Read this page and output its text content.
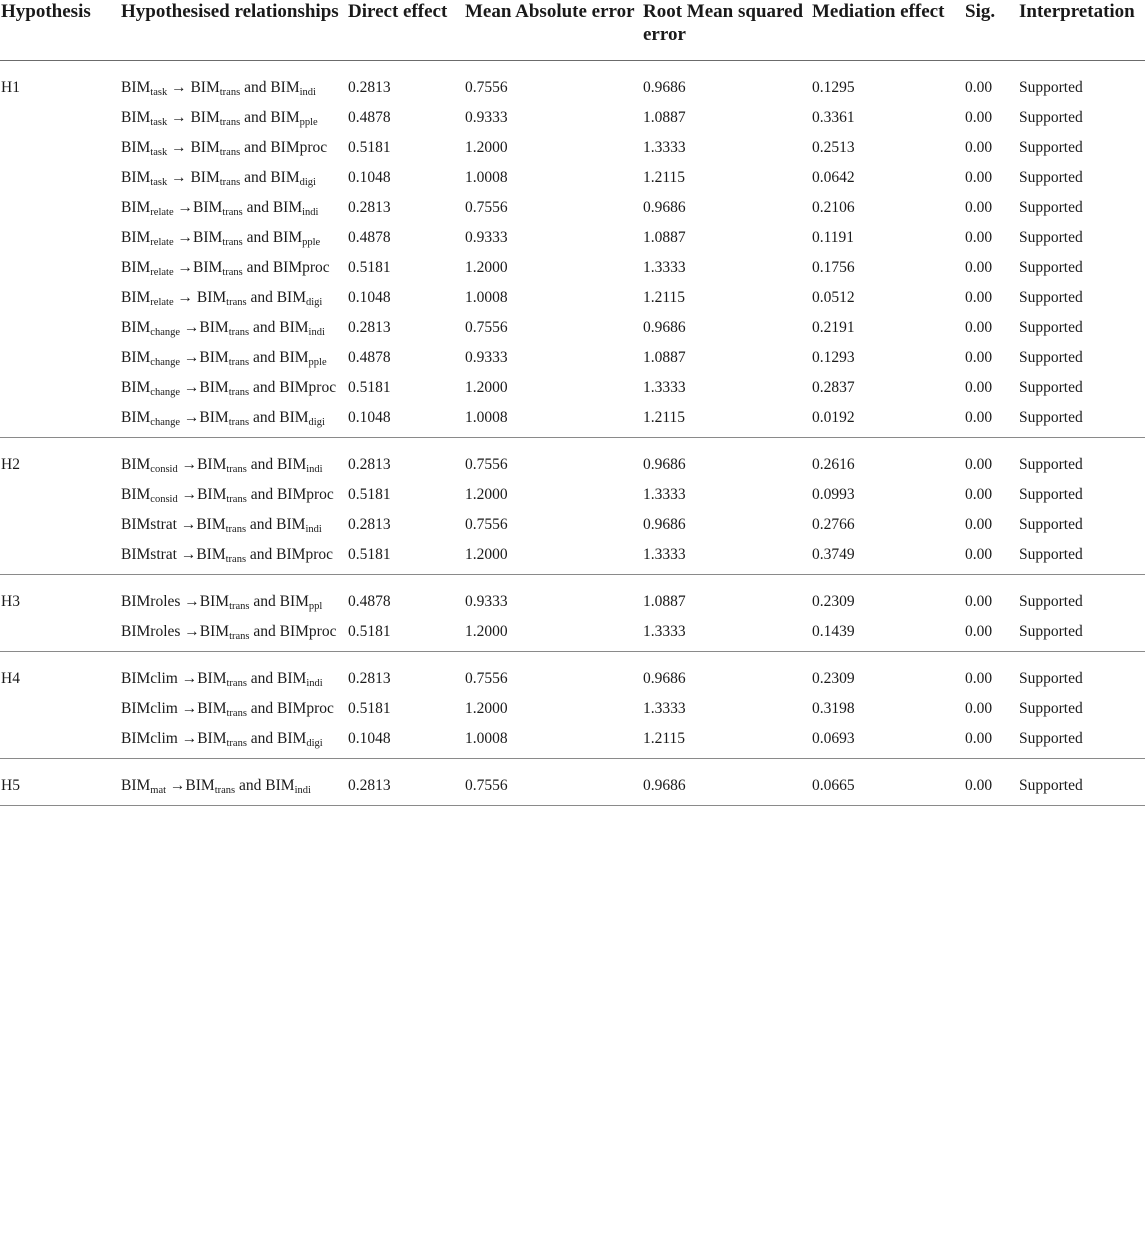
Hypothesis	Hypothesised relationships	Direct effect	Mean Absolute error	Root Mean squared error	Mediation effect	Sig.	Interpretation
H1	$BIM_{task} \to BIM_{trans}$ and $BIM_{indi}$	0.2813	0.7556	0.9686	0.1295	0.00	Supported
	$BIM_{task} \to BIM_{trans}$ and $BIM_{pple}$	0.4878	0.9333	1.0887	0.3361	0.00	Supported
	$BIM_{task} \to BIM_{trans}$ and BIMproc	0.5181	1.2000	1.3333	0.2513	0.00	Supported
	$BIM_{task} \to BIM_{trans}$ and $BIM_{digi}$	0.1048	1.0008	1.2115	0.0642	0.00	Supported
	$BIM_{relate} \to BIM_{trans}$ and $BIM_{indi}$	0.2813	0.7556	0.9686	0.2106	0.00	Supported
	$BIM_{relate} \to BIM_{trans}$ and $BIM_{pple}$	0.4878	0.9333	1.0887	0.1191	0.00	Supported
	$BIM_{relate} \to BIM_{trans}$ and BIMproc	0.5181	1.2000	1.3333	0.1756	0.00	Supported
	$BIM_{relate} \to BIM_{trans}$ and $BIM_{digi}$	0.1048	1.0008	1.2115	0.0512	0.00	Supported
	$BIM_{change} \to BIM_{trans}$ and $BIM_{indi}$	0.2813	0.7556	0.9686	0.2191	0.00	Supported
	$BIM_{change} \to BIM_{trans}$ and $BIM_{pple}$	0.4878	0.9333	1.0887	0.1293	0.00	Supported
	$BIM_{change} \to BIM_{trans}$ and BIMproc	0.5181	1.2000	1.3333	0.2837	0.00	Supported
	$BIM_{change} \to BIM_{trans}$ and $BIM_{digi}$	0.1048	1.0008	1.2115	0.0192	0.00	Supported
H2	$BIM_{consid} \to BIM_{trans}$ and $BIM_{indi}$	0.2813	0.7556	0.9686	0.2616	0.00	Supported
	$BIM_{consid} \to BIM_{trans}$ and BIMproc	0.5181	1.2000	1.3333	0.0993	0.00	Supported
	BIMstrat $\to BIM_{trans}$ and $BIM_{indi}$	0.2813	0.7556	0.9686	0.2766	0.00	Supported
	BIMstrat $\to BIM_{trans}$ and BIMproc	0.5181	1.2000	1.3333	0.3749	0.00	Supported
H3	BIMroles $\to BIM_{trans}$ and $BIM_{ppl}$	0.4878	0.9333	1.0887	0.2309	0.00	Supported
	BIMroles $\to BIM_{trans}$ and BIMproc	0.5181	1.2000	1.3333	0.1439	0.00	Supported
H4	BIMclim $\to BIM_{trans}$ and $BIM_{indi}$	0.2813	0.7556	0.9686	0.2309	0.00	Supported
	BIMclim $\to BIM_{trans}$ and BIMproc	0.5181	1.2000	1.3333	0.3198	0.00	Supported
	BIMclim $\to BIM_{trans}$ and $BIM_{digi}$	0.1048	1.0008	1.2115	0.0693	0.00	Supported
H5	$BIM_{mat} \to BIM_{trans}$ and $BIM_{indi}$	0.2813	0.7556	0.9686	0.0665	0.00	Supported
